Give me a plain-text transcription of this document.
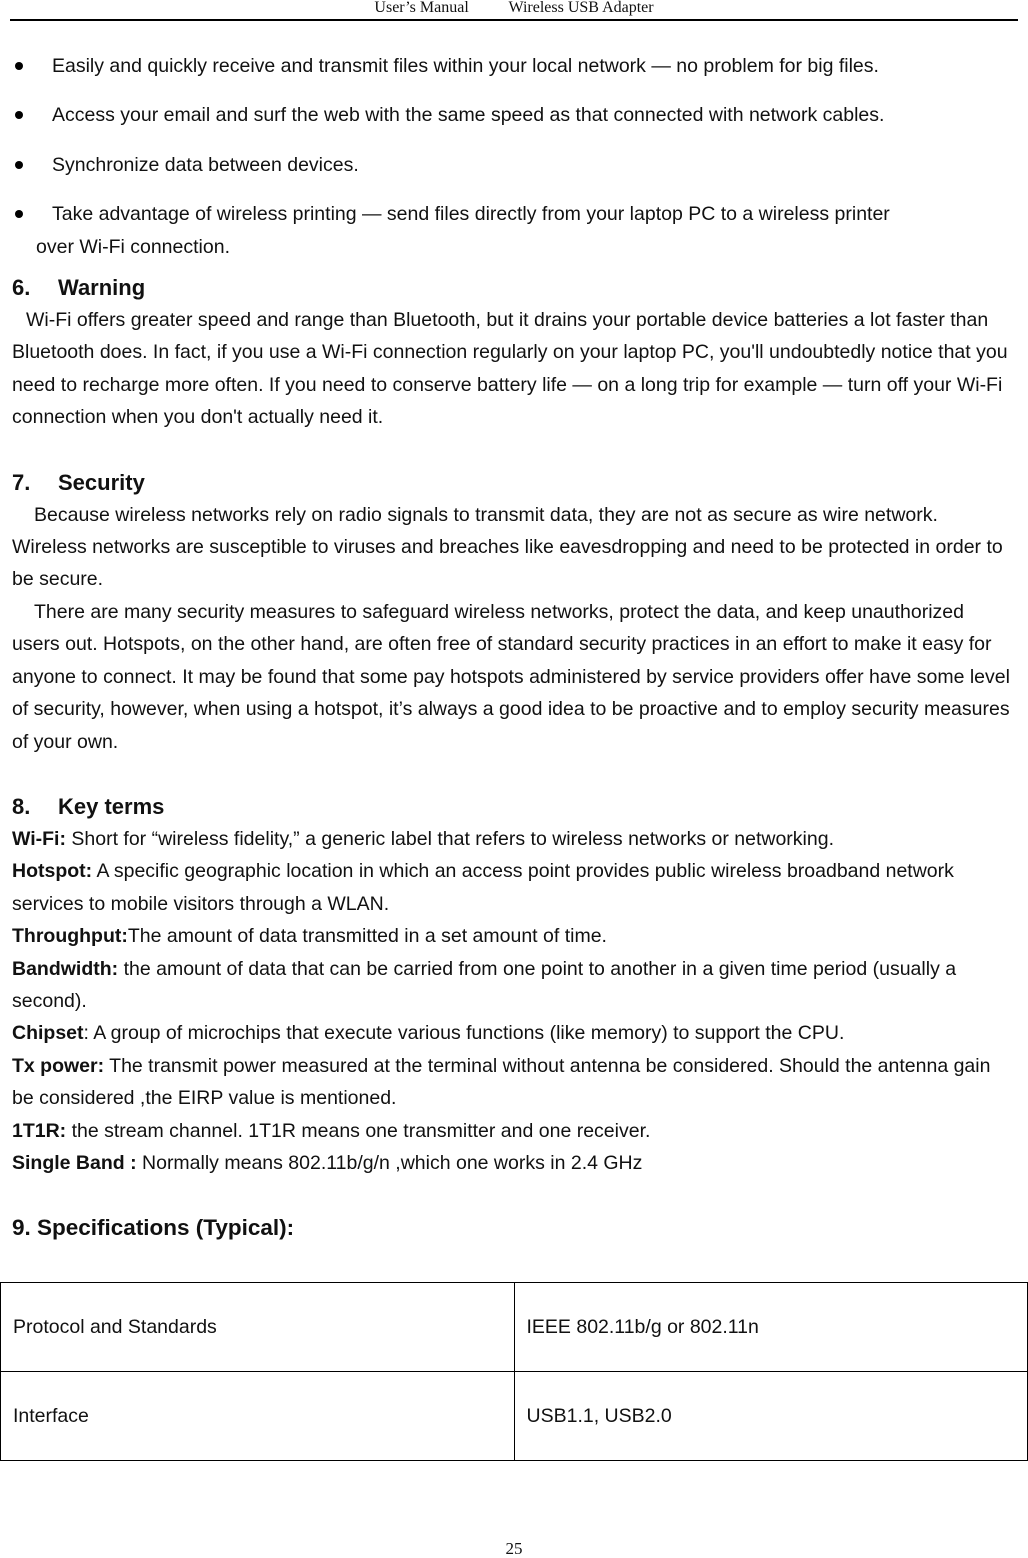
User’s Manual Wireless USB Adapter
Easily and quickly receive and transmit files within your local network — no problem for big files.
Access your email and surf the web with the same speed as that connected with network cables.
Synchronize data between devices.
Take advantage of wireless printing — send files directly from your laptop PC to a wireless printer
over Wi-Fi connection.
6. Warning

Wi-Fi offers greater speed and range than Bluetooth, but it drains your portable device batteries a lot faster than Bluetooth does. In fact, if you use a Wi-Fi connection regularly on your laptop PC, you'll undoubtedly notice that you need to recharge more often. If you need to conserve battery life — on a long trip for example — turn off your Wi-Fi connection when you don't actually need it.

7. Security

Because wireless networks rely on radio signals to transmit data, they are not as secure as wire network. Wireless networks are susceptible to viruses and breaches like eavesdropping and need to be protected in order to be secure.

There are many security measures to safeguard wireless networks, protect the data, and keep unauthorized users out. Hotspots, on the other hand, are often free of standard security practices in an effort to make it easy for anyone to connect. It may be found that some pay hotspots administered by service providers offer have some level of security, however, when using a hotspot, it’s always a good idea to be proactive and to employ security measures of your own.

8. Key terms

Wi-Fi: Short for “wireless fidelity,” a generic label that refers to wireless networks or networking.

Hotspot: A specific geographic location in which an access point provides public wireless broadband network services to mobile visitors through a WLAN.

Throughput:The amount of data transmitted in a set amount of time.

Bandwidth: the amount of data that can be carried from one point to another in a given time period (usually a second).

Chipset: A group of microchips that execute various functions (like memory) to support the CPU.

Tx power: The transmit power measured at the terminal without antenna be considered. Should the antenna gain be considered ,the EIRP value is mentioned.

1T1R: the stream channel. 1T1R means one transmitter and one receiver.

Single Band : Normally means 802.11b/g/n ,which one works in 2.4 GHz

9. Specifications (Typical):
Protocol and Standards	IEEE 802.11b/g or 802.11n
Interface	USB1.1, USB2.0
25
